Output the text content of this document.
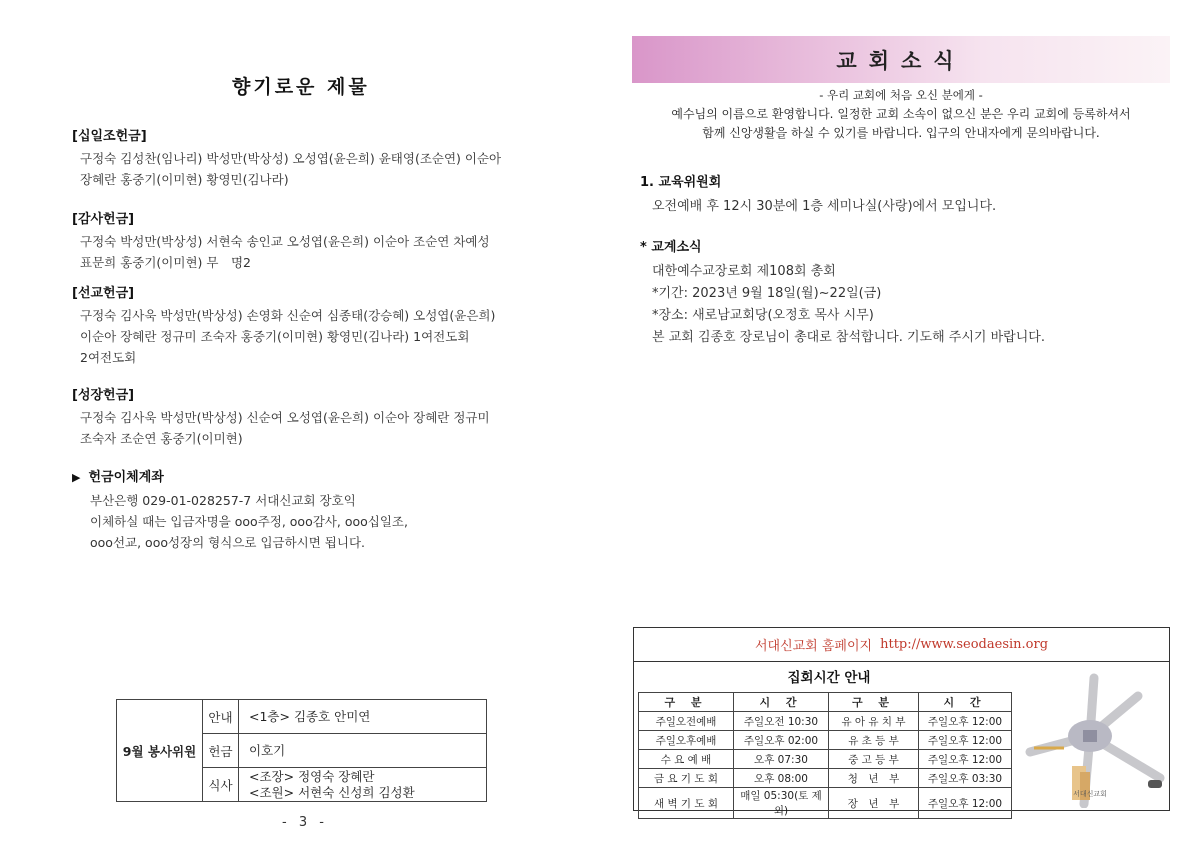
향기로운 제물
[십일조헌금]
구정숙 김성찬(임나리) 박성만(박상성) 오성엽(윤은희) 윤태영(조순연) 이순아
장혜란 홍중기(이미현) 황영민(김나라)
[감사헌금]
구정숙 박성만(박상성) 서현숙 송인교 오성엽(윤은희) 이순아 조순연 차예성
표문희 홍중기(이미현) 무　명2
[선교헌금]
구정숙 김사욱 박성만(박상성) 손영화 신순여 심종태(강승혜) 오성엽(윤은희)
이순아 장혜란 정규미 조숙자 홍중기(이미현) 황영민(김나라) 1여전도회
2여전도회
[성장헌금]
구정숙 김사욱 박성만(박상성) 신순여 오성엽(윤은희) 이순아 장혜란 정규미
조숙자 조순연 홍중기(이미현)
▶ 헌금이체계좌
부산은행 029-01-028257-7 서대신교회 장호익
이체하실 때는 입금자명을 ooo주정, ooo감사, ooo십일조,
ooo선교, ooo성장의 형식으로 입금하시면 됩니다.
9월 봉사위원	안내	<1층> 김종호 안미연

	헌금	이호기

	식사	<조장> 정영숙 장혜란
<조원> 서현숙 신성희 김성환
- 3 -
교회소식
- 우리 교회에 처음 오신 분에게 -
예수님의 이름으로 환영합니다. 일정한 교회 소속이 없으신 분은 우리 교회에 등록하셔서
함께 신앙생활을 하실 수 있기를 바랍니다. 입구의 안내자에게 문의바랍니다.
1. 교육위원회
오전예배 후 12시 30분에 1층 세미나실(사랑)에서 모입니다.
* 교계소식
대한예수교장로회 제108회 총회
*기간: 2023년 9월 18일(월)~22일(금)
*장소: 새로남교회당(오정호 목사 시무)
본 교회 김종호 장로님이 총대로 참석합니다. 기도해 주시기 바랍니다.
서대신교회 홈페이지 http://www.seodaesin.org
집회시간 안내
구 분	시 간	구 분	시 간
주일오전예배	주일오전 10:30	유 아 유 치 부	주일오후 12:00
주일오후예배	주일오후 02:00	유 초 등 부	주일오후 12:00
수 요 예 배	오후 07:30	중 고 등 부	주일오후 12:00
금 요 기 도 회	오후 08:00	청　년　부	주일오후 03:30
새 벽 기 도 회	매일 05:30(토 제외)	장　년　부	주일오후 12:00
서대신교회
